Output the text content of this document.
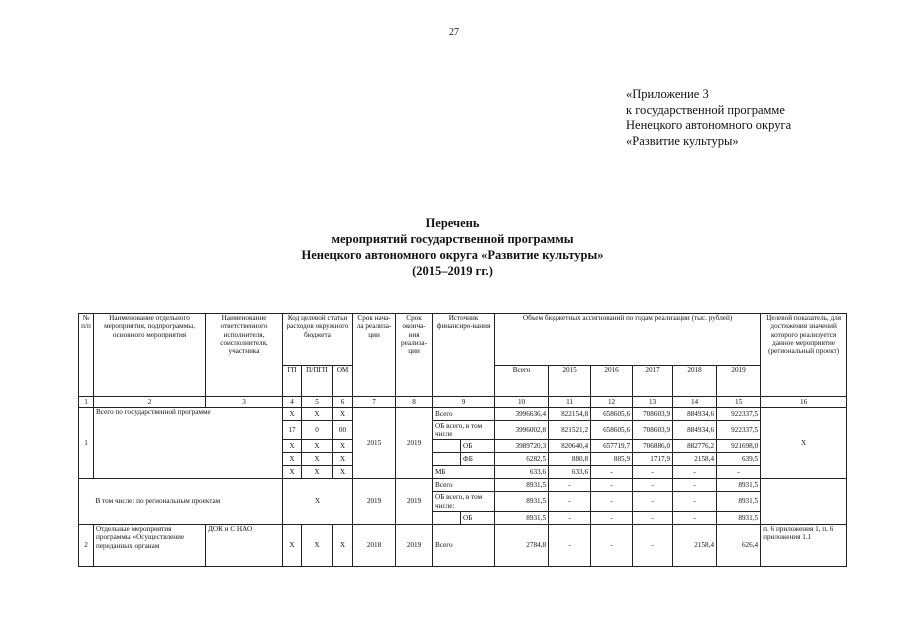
27
«Приложение 3
к государственной программе
Ненецкого автономного округа
«Развитие культуры»
Перечень
мероприятий государственной программы
Ненецкого автономного округа «Развитие культуры»
(2015–2019 гг.)
№ п/п	Наименование отдельного мероприятия, подпрограммы, основного мероприятия	Наименование ответственного исполнителя, соисполнителя, участника	Код целевой статьи расходов окружного бюджета			Срок нача-ла реализа-ции	Срок оконча-ния реализа-ции	Источник финансиро-вания		Объем бюджетных ассигнований по годам реализации (тыс. рублей)						Целевой показатель, для достижения значений которого реализуется данное мероприятие (региональный проект)
			ГП	П/ПГП	ОМ					Всего	2015	2016	2017	2018	2019	
1	2	3	4	5	6	7	8	9		10	11	12	13	14	15	16
1	Всего по государственной программе		Х	Х	Х	2015	2019	Всего		3996636,4	822154,8	658605,6	708603,9	884934,6	922337,5	Х
			17	0	00			ОБ всего, в том числе		3996002,8	821521,2	658605,6	708603,9	884934,6	922337,5	
			Х	Х	Х				ОБ	3989720,3	820640,4	657719,7	706886,0	882776,2	921698,0	
			Х	Х	Х				ФБ	6282,5	880,8	885,9	1717,9	2158,4	639,5	
			Х	Х	Х			МБ		633,6	633,6	-	-	-	-	
	В том числе: по региональным проектам		Х			2019	2019	Всего		8931,5	-	-	-	-	8931,5	
								ОБ всего, в том числе:		8931,5	-	-	-	-	8931,5	
									ОБ	8931,5	-	-	-	-	8931,5	
2	Отдельные мероприятия программы «Осуществление переданных органам	ДОК и С НАО	Х	Х	Х	2018	2019	Всего		2784,8	-	-	-	2158,4	626,4	п. 6 приложения 1, п. 6 приложения 1.1
